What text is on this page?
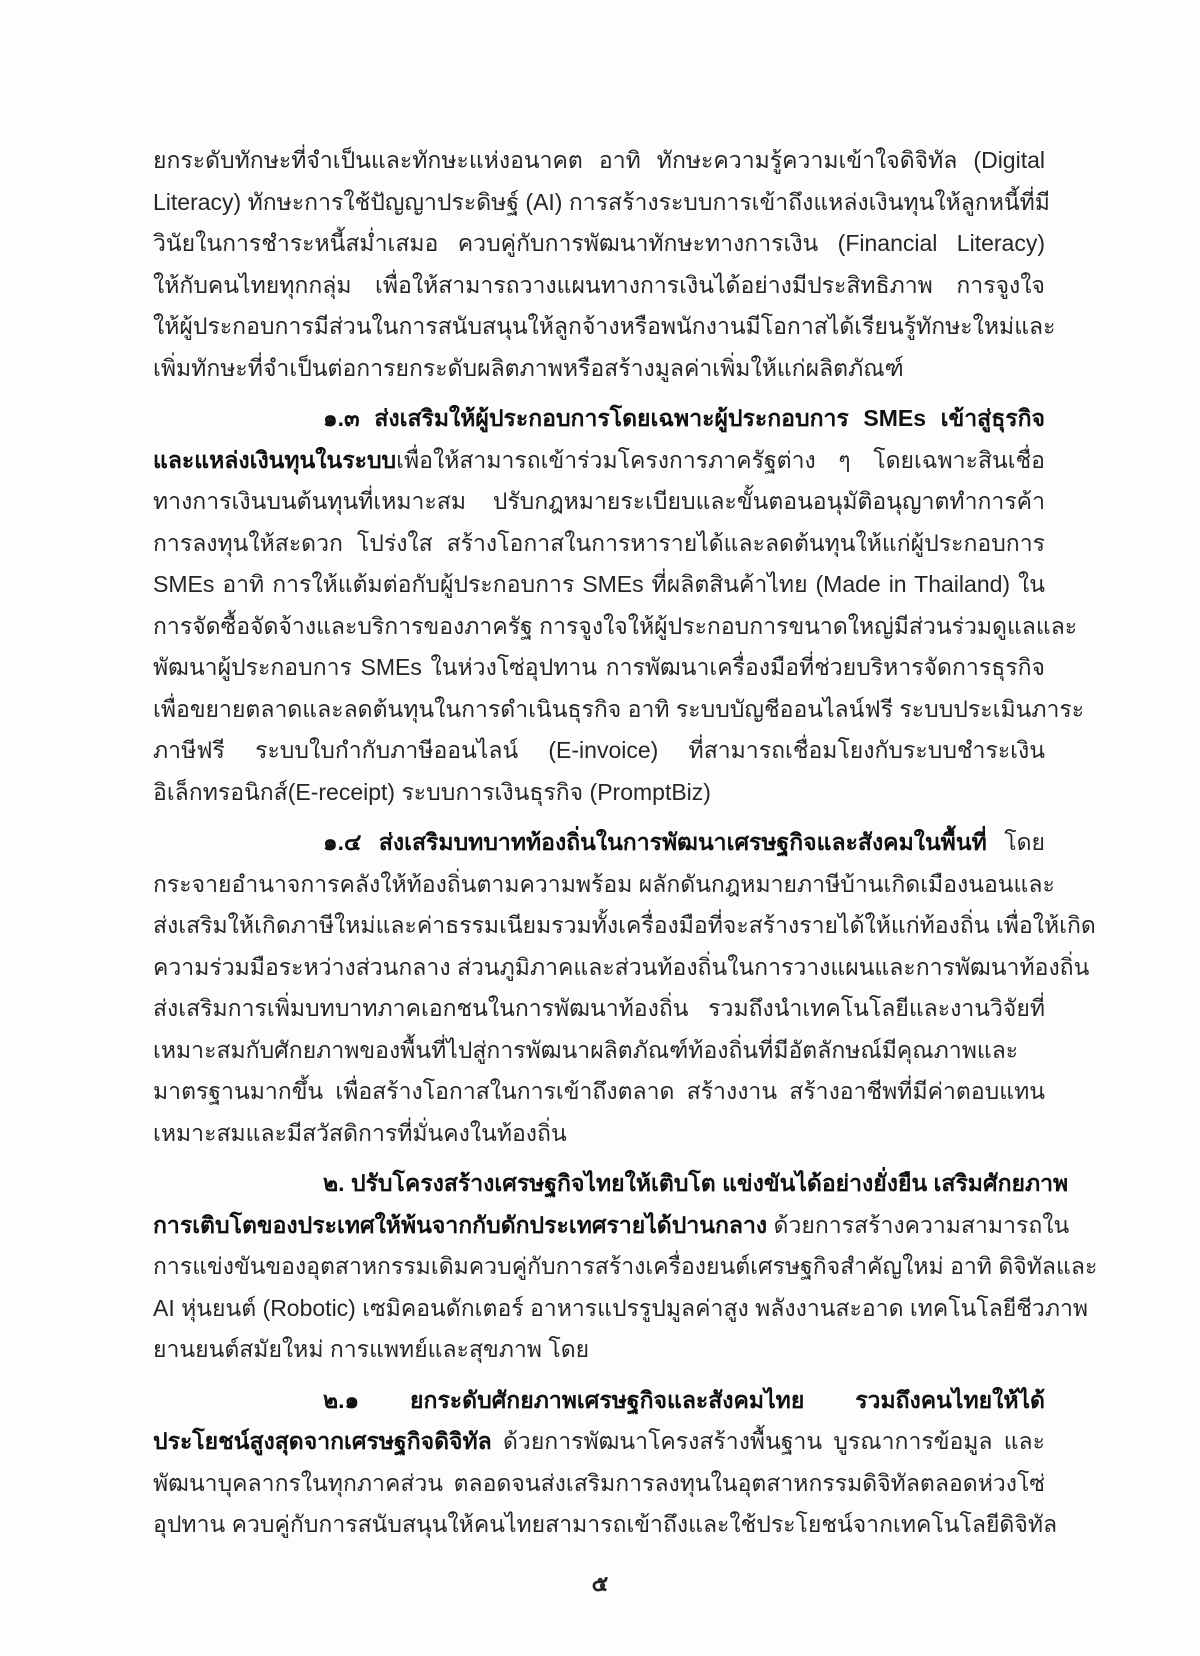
ยกระดับทักษะที่จำเป็นและทักษะแห่งอนาคต อาทิ ทักษะความรู้ความเข้าใจดิจิทัล (Digital
Literacy) ทักษะการใช้ปัญญาประดิษฐ์ (AI) การสร้างระบบการเข้าถึงแหล่งเงินทุนให้ลูกหนี้ที่มี
วินัยในการชำระหนี้สม่ำเสมอ ควบคู่กับการพัฒนาทักษะทางการเงิน (Financial Literacy)
ให้กับคนไทยทุกกลุ่ม เพื่อให้สามารถวางแผนทางการเงินได้อย่างมีประสิทธิภาพ การจูงใจ
ให้ผู้ประกอบการมีส่วนในการสนับสนุนให้ลูกจ้างหรือพนักงานมีโอกาสได้เรียนรู้ทักษะใหม่และ
เพิ่มทักษะที่จำเป็นต่อการยกระดับผลิตภาพหรือสร้างมูลค่าเพิ่มให้แก่ผลิตภัณฑ์
๑.๓ ส่งเสริมให้ผู้ประกอบการโดยเฉพาะผู้ประกอบการ SMEs เข้าสู่ธุรกิจ
และแหล่งเงินทุนในระบบเพื่อให้สามารถเข้าร่วมโครงการภาครัฐต่าง ๆ โดยเฉพาะสินเชื่อ
ทางการเงินบนต้นทุนที่เหมาะสม ปรับกฎหมายระเบียบและขั้นตอนอนุมัติอนุญาตทำการค้า
การลงทุนให้สะดวก โปร่งใส สร้างโอกาสในการหารายได้และลดต้นทุนให้แก่ผู้ประกอบการ
SMEs อาทิ การให้แต้มต่อกับผู้ประกอบการ SMEs ที่ผลิตสินค้าไทย (Made in Thailand) ใน
การจัดซื้อจัดจ้างและบริการของภาครัฐ การจูงใจให้ผู้ประกอบการขนาดใหญ่มีส่วนร่วมดูแลและ
พัฒนาผู้ประกอบการ SMEs ในห่วงโซ่อุปทาน การพัฒนาเครื่องมือที่ช่วยบริหารจัดการธุรกิจ
เพื่อขยายตลาดและลดต้นทุนในการดำเนินธุรกิจ อาทิ ระบบบัญชีออนไลน์ฟรี ระบบประเมินภาระ
ภาษีฟรี ระบบใบกำกับภาษีออนไลน์ (E-invoice) ที่สามารถเชื่อมโยงกับระบบชำระเงิน
อิเล็กทรอนิกส์(E-receipt) ระบบการเงินธุรกิจ (PromptBiz)
๑.๔ ส่งเสริมบทบาทท้องถิ่นในการพัฒนาเศรษฐกิจและสังคมในพื้นที่ โดย
กระจายอำนาจการคลังให้ท้องถิ่นตามความพร้อม ผลักดันกฎหมายภาษีบ้านเกิดเมืองนอนและ
ส่งเสริมให้เกิดภาษีใหม่และค่าธรรมเนียมรวมทั้งเครื่องมือที่จะสร้างรายได้ให้แก่ท้องถิ่น เพื่อให้เกิด
ความร่วมมือระหว่างส่วนกลาง ส่วนภูมิภาคและส่วนท้องถิ่นในการวางแผนและการพัฒนาท้องถิ่น
ส่งเสริมการเพิ่มบทบาทภาคเอกชนในการพัฒนาท้องถิ่น รวมถึงนำเทคโนโลยีและงานวิจัยที่
เหมาะสมกับศักยภาพของพื้นที่ไปสู่การพัฒนาผลิตภัณฑ์ท้องถิ่นที่มีอัตลักษณ์มีคุณภาพและ
มาตรฐานมากขึ้น เพื่อสร้างโอกาสในการเข้าถึงตลาด สร้างงาน สร้างอาชีพที่มีค่าตอบแทน
เหมาะสมและมีสวัสดิการที่มั่นคงในท้องถิ่น
๒. ปรับโครงสร้างเศรษฐกิจไทยให้เติบโต แข่งขันได้อย่างยั่งยืน เสริมศักยภาพ
การเติบโตของประเทศให้พ้นจากกับดักประเทศรายได้ปานกลาง ด้วยการสร้างความสามารถใน
การแข่งขันของอุตสาหกรรมเดิมควบคู่กับการสร้างเครื่องยนต์เศรษฐกิจสำคัญใหม่ อาทิ ดิจิทัลและ
AI หุ่นยนต์ (Robotic) เซมิคอนดักเตอร์ อาหารแปรรูปมูลค่าสูง พลังงานสะอาด เทคโนโลยีชีวภาพ
ยานยนต์สมัยใหม่ การแพทย์และสุขภาพ โดย
๒.๑ ยกระดับศักยภาพเศรษฐกิจและสังคมไทย รวมถึงคนไทยให้ได้
ประโยชน์สูงสุดจากเศรษฐกิจดิจิทัล ด้วยการพัฒนาโครงสร้างพื้นฐาน บูรณาการข้อมูล และ
พัฒนาบุคลากรในทุกภาคส่วน ตลอดจนส่งเสริมการลงทุนในอุตสาหกรรมดิจิทัลตลอดห่วงโซ่
อุปทาน ควบคู่กับการสนับสนุนให้คนไทยสามารถเข้าถึงและใช้ประโยชน์จากเทคโนโลยีดิจิทัล
๕
